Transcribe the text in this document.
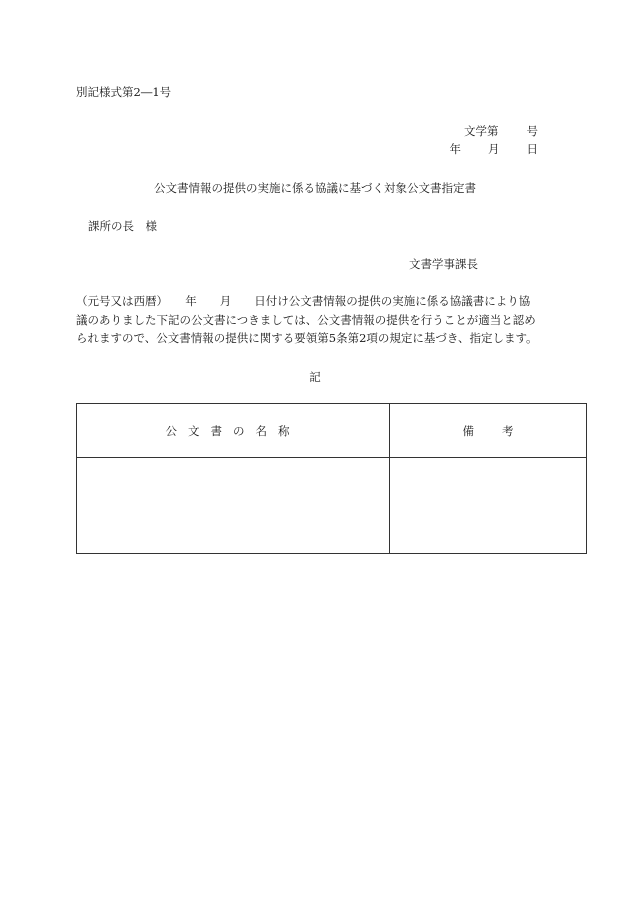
別記様式第2―1号
文学第 号
年 月 日
公文書情報の提供の実施に係る協議に基づく対象公文書指定書
課所の長　様
文書学事課長
（元号又は西暦）　　年　　月　　日付け公文書情報の提供の実施に係る協議書により協
議のありました下記の公文書につきましては、公文書情報の提供を行うことが適当と認め
られますので、公文書情報の提供に関する要領第5条第2項の規定に基づき、指定します。
記
公文書の名称	備考
